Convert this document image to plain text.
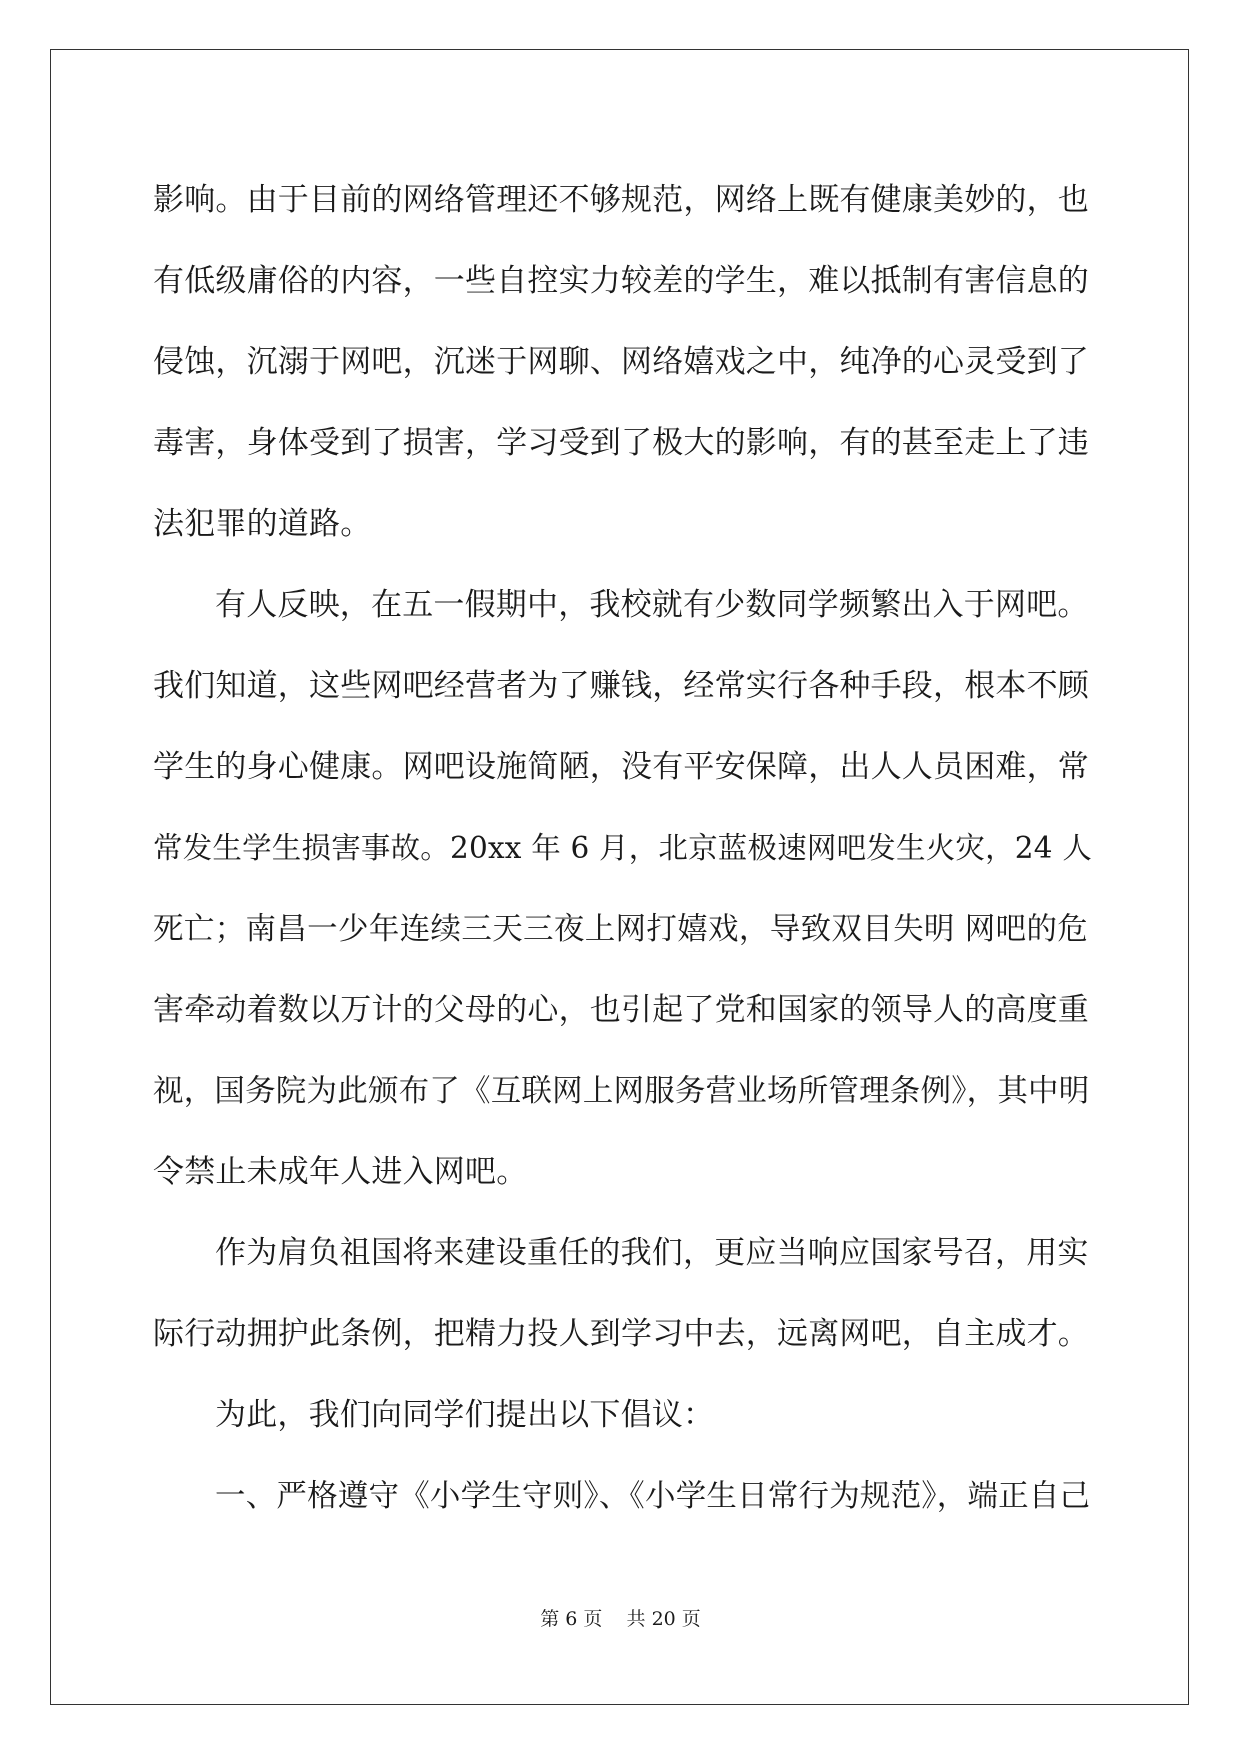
影响。由于目前的网络管理还不够规范，网络上既有健康美妙的，也
有低级庸俗的内容，一些自控实力较差的学生，难以抵制有害信息的
侵蚀，沉溺于网吧，沉迷于网聊、网络嬉戏之中，纯净的心灵受到了
毒害，身体受到了损害，学习受到了极大的影响，有的甚至走上了违
法犯罪的道路。
有人反映，在五一假期中，我校就有少数同学频繁出入于网吧。
我们知道，这些网吧经营者为了赚钱，经常实行各种手段，根本不顾
学生的身心健康。网吧设施简陋，没有平安保障，出人人员困难，常
常发生学生损害事故。20xx 年 6 月，北京蓝极速网吧发生火灾，24 人
死亡；南昌一少年连续三天三夜上网打嬉戏，导致双目失明 网吧的危
害牵动着数以万计的父母的心，也引起了党和国家的领导人的高度重
视，国务院为此颁布了《互联网上网服务营业场所管理条例》，其中明
令禁止未成年人进入网吧。
作为肩负祖国将来建设重任的我们，更应当响应国家号召，用实
际行动拥护此条例，把精力投人到学习中去，远离网吧，自主成才。
为此，我们向同学们提出以下倡议：
一、严格遵守《小学生守则》、《小学生日常行为规范》，端正自己
第 6 页    共 20 页
